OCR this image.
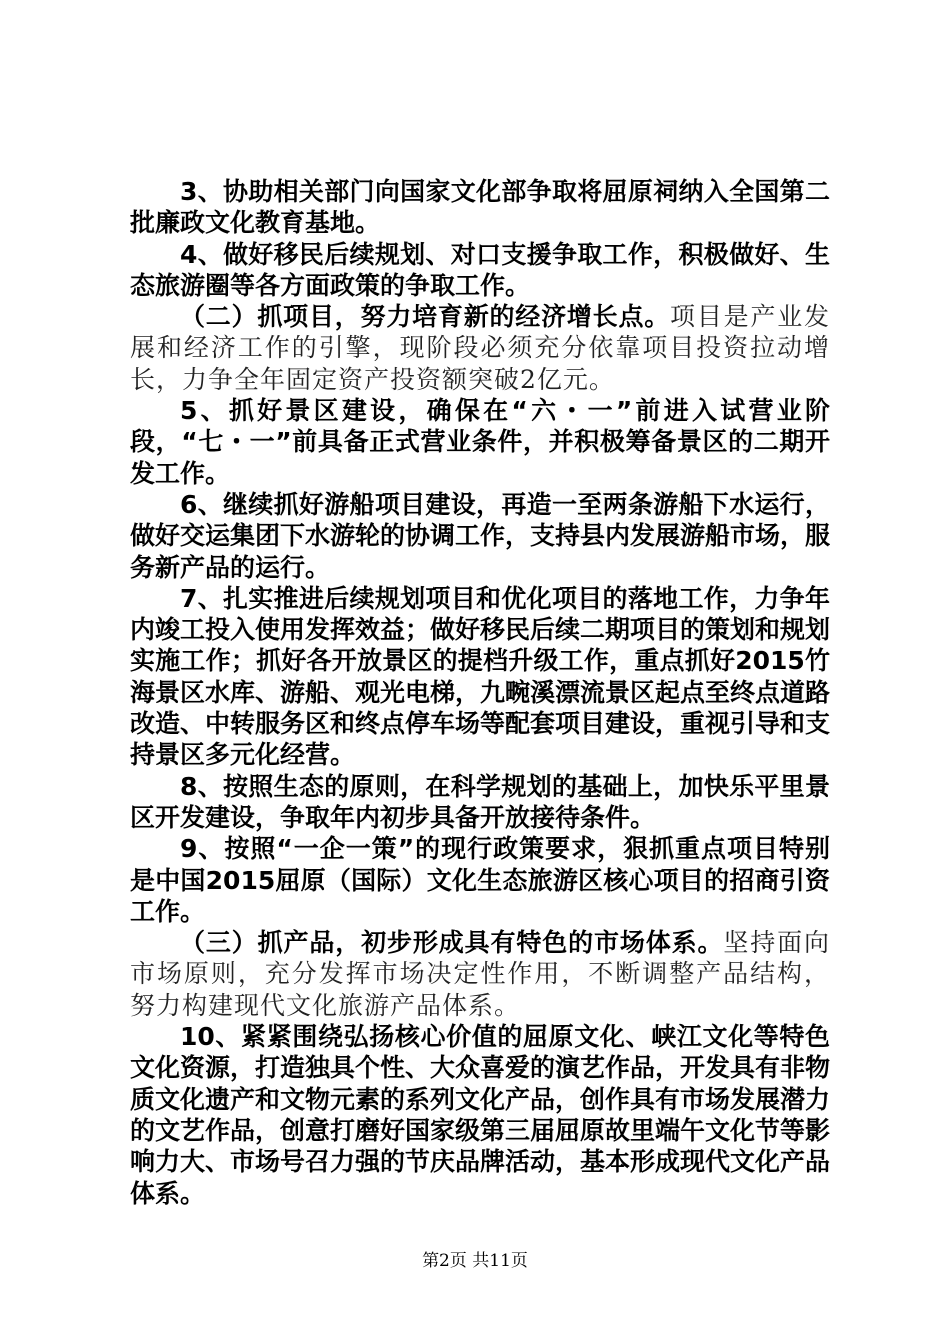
3、协助相关部门向国家文化部争取将屈原祠纳入全国第二批廉政文化教育基地。

4、做好移民后续规划、对口支援争取工作，积极做好、生态旅游圈等各方面政策的争取工作。

（二）抓项目，努力培育新的经济增长点。项目是产业发展和经济工作的引擎，现阶段必须充分依靠项目投资拉动增长，力争全年固定资产投资额突破2亿元。

5、抓好景区建设，确保在“六・一”前进入试营业阶段，“七・一”前具备正式营业条件，并积极筹备景区的二期开发工作。

6、继续抓好游船项目建设，再造一至两条游船下水运行，做好交运集团下水游轮的协调工作，支持县内发展游船市场，服务新产品的运行。

7、扎实推进后续规划项目和优化项目的落地工作，力争年内竣工投入使用发挥效益；做好移民后续二期项目的策划和规划实施工作；抓好各开放景区的提档升级工作，重点抓好2015竹海景区水库、游船、观光电梯，九畹溪漂流景区起点至终点道路改造、中转服务区和终点停车场等配套项目建设，重视引导和支持景区多元化经营。

8、按照生态的原则，在科学规划的基础上，加快乐平里景区开发建设，争取年内初步具备开放接待条件。

9、按照“一企一策”的现行政策要求，狠抓重点项目特别是中国2015屈原（国际）文化生态旅游区核心项目的招商引资工作。

（三）抓产品，初步形成具有特色的市场体系。坚持面向市场原则，充分发挥市场决定性作用，不断调整产品结构，努力构建现代文化旅游产品体系。

10、紧紧围绕弘扬核心价值的屈原文化、峡江文化等特色文化资源，打造独具个性、大众喜爱的演艺作品，开发具有非物质文化遗产和文物元素的系列文化产品，创作具有市场发展潜力的文艺作品，创意打磨好国家级第三届屈原故里端午文化节等影响力大、市场号召力强的节庆品牌活动，基本形成现代文化产品体系。

第2页 共11页
